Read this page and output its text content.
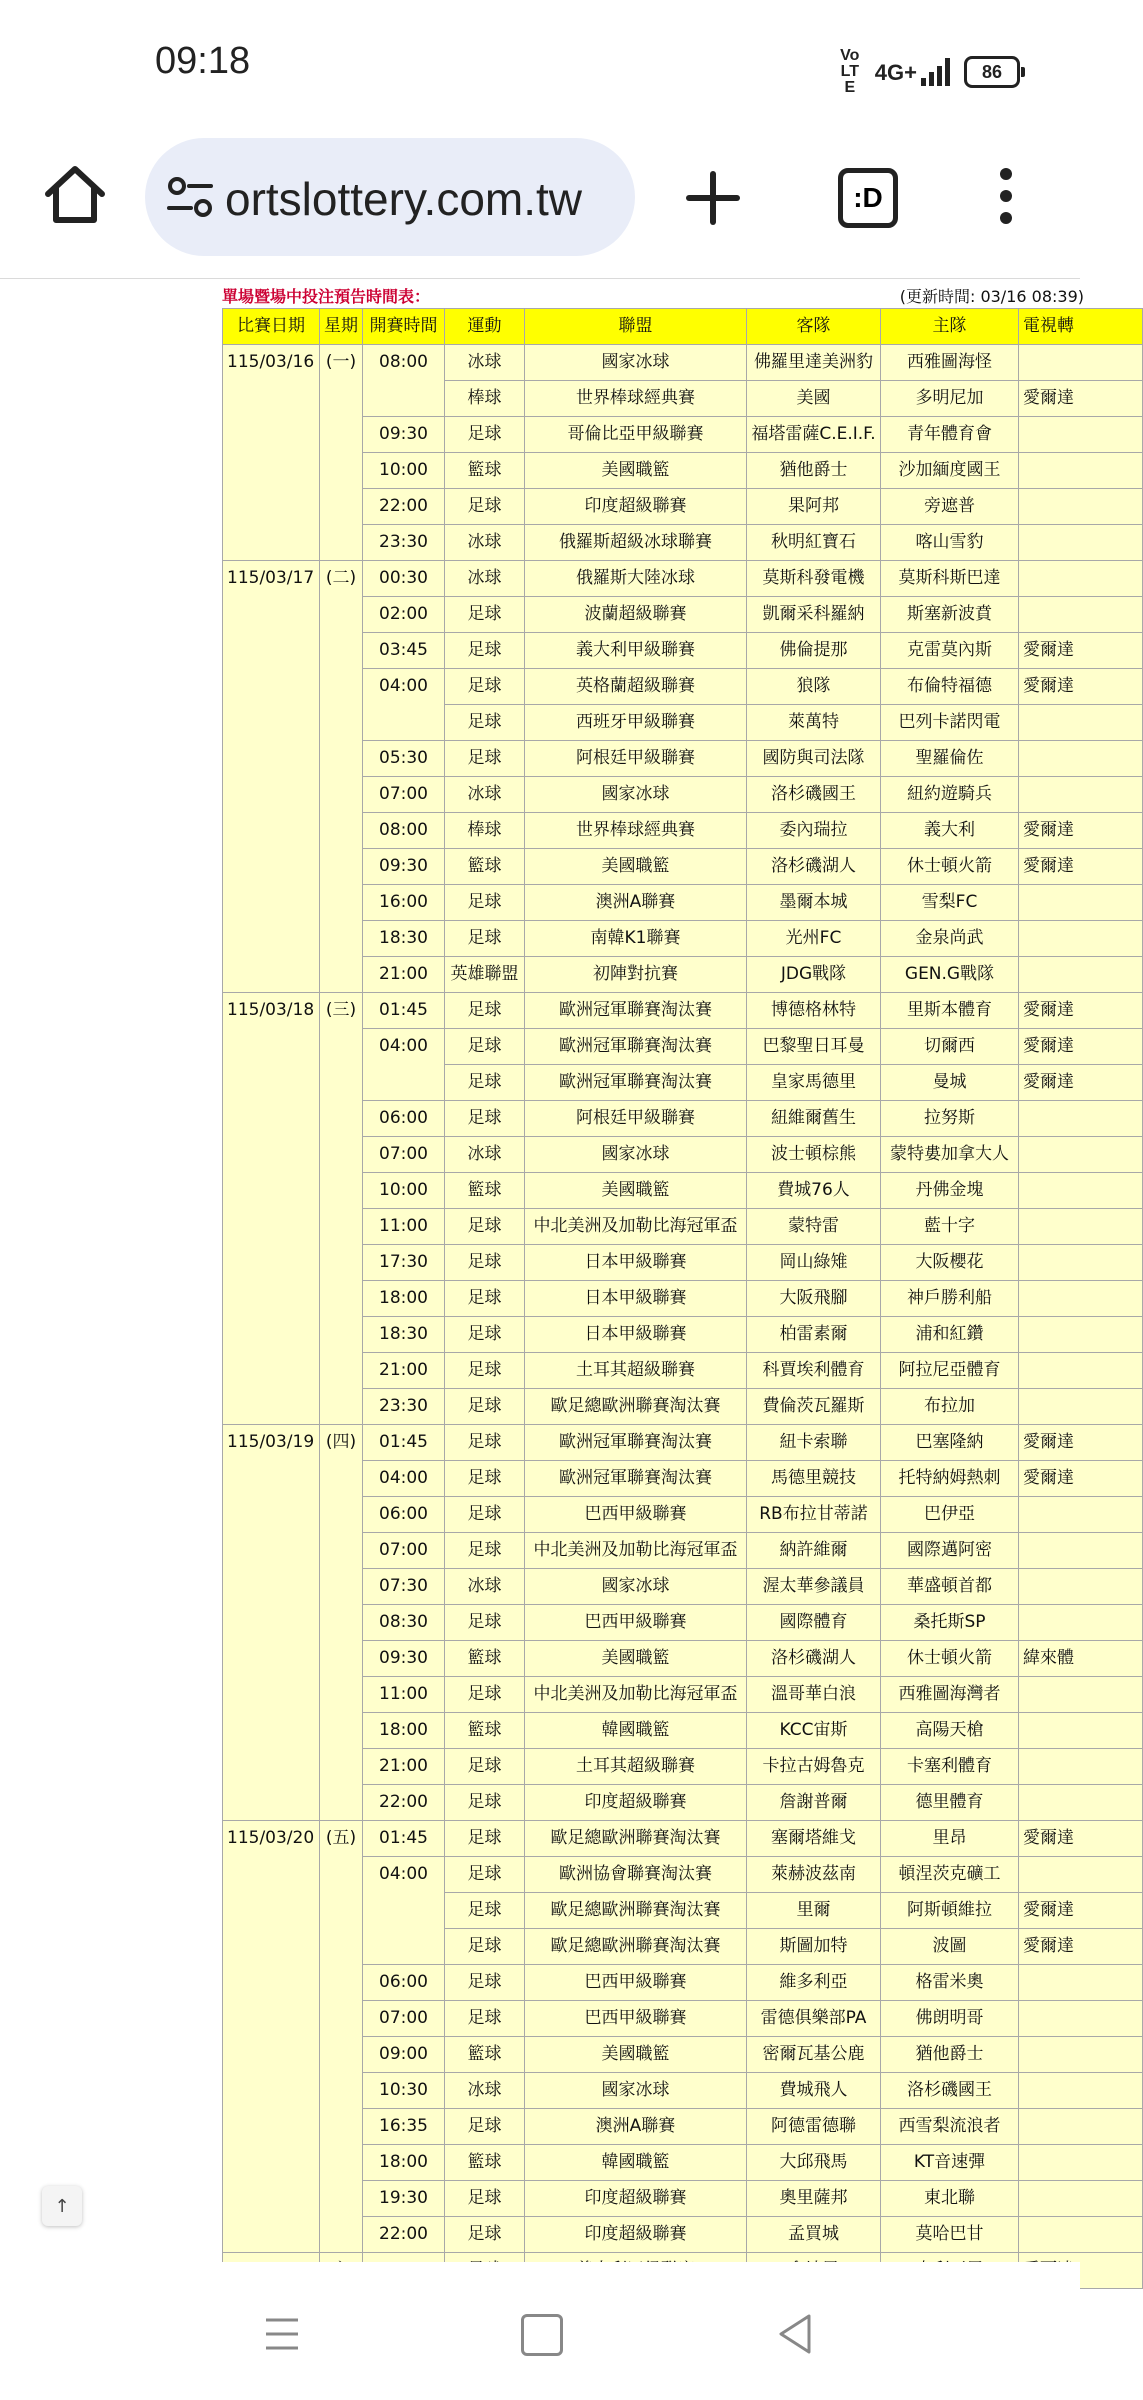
09:18	Vo LTE
4G+	86
ortslottery.com.tw	:D
單場暨場中投注預告時間表：	(更新時間: 03/16 08:39)
比賽日期	星期	開賽時間	運動	聯盟	客隊	主隊	電視轉
115/03/16	(一)	08:00	冰球	國家冰球	佛羅里達美洲豹	西雅圖海怪	
			棒球	世界棒球經典賽	美國	多明尼加	愛爾達
		09:30	足球	哥倫比亞甲級聯賽	福塔雷薩C.E.I.F.	青年體育會	
		10:00	籃球	美國職籃	猶他爵士	沙加緬度國王	
		22:00	足球	印度超級聯賽	果阿邦	旁遮普	
		23:30	冰球	俄羅斯超級冰球聯賽	秋明紅寶石	喀山雪豹	
115/03/17	(二)	00:30	冰球	俄羅斯大陸冰球	莫斯科發電機	莫斯科斯巴達	
		02:00	足球	波蘭超級聯賽	凱爾采科羅納	斯塞新波賁	
		03:45	足球	義大利甲級聯賽	佛倫提那	克雷莫內斯	愛爾達
		04:00	足球	英格蘭超級聯賽	狼隊	布倫特福德	愛爾達
			足球	西班牙甲級聯賽	萊萬特	巴列卡諾閃電	
		05:30	足球	阿根廷甲級聯賽	國防與司法隊	聖羅倫佐	
		07:00	冰球	國家冰球	洛杉磯國王	紐約遊騎兵	
		08:00	棒球	世界棒球經典賽	委內瑞拉	義大利	愛爾達
		09:30	籃球	美國職籃	洛杉磯湖人	休士頓火箭	愛爾達
		16:00	足球	澳洲A聯賽	墨爾本城	雪梨FC	
		18:30	足球	南韓K1聯賽	光州FC	金泉尚武	
		21:00	英雄聯盟	初陣對抗賽	JDG戰隊	GEN.G戰隊	
115/03/18	(三)	01:45	足球	歐洲冠軍聯賽淘汰賽	博德格林特	里斯本體育	愛爾達
		04:00	足球	歐洲冠軍聯賽淘汰賽	巴黎聖日耳曼	切爾西	愛爾達
			足球	歐洲冠軍聯賽淘汰賽	皇家馬德里	曼城	愛爾達
		06:00	足球	阿根廷甲級聯賽	紐維爾舊生	拉努斯	
		07:00	冰球	國家冰球	波士頓棕熊	蒙特婁加拿大人	
		10:00	籃球	美國職籃	費城76人	丹佛金塊	
		11:00	足球	中北美洲及加勒比海冠軍盃	蒙特雷	藍十字	
		17:30	足球	日本甲級聯賽	岡山綠雉	大阪櫻花	
		18:00	足球	日本甲級聯賽	大阪飛腳	神戶勝利船	
		18:30	足球	日本甲級聯賽	柏雷素爾	浦和紅鑽	
		21:00	足球	土耳其超級聯賽	科賈埃利體育	阿拉尼亞體育	
		23:30	足球	歐足總歐洲聯賽淘汰賽	費倫茨瓦羅斯	布拉加	
115/03/19	(四)	01:45	足球	歐洲冠軍聯賽淘汰賽	紐卡索聯	巴塞隆納	愛爾達
		04:00	足球	歐洲冠軍聯賽淘汰賽	馬德里競技	托特納姆熱刺	愛爾達
		06:00	足球	巴西甲級聯賽	RB布拉甘蒂諾	巴伊亞	
		07:00	足球	中北美洲及加勒比海冠軍盃	納許維爾	國際邁阿密	
		07:30	冰球	國家冰球	渥太華參議員	華盛頓首都	
		08:30	足球	巴西甲級聯賽	國際體育	桑托斯SP	
		09:30	籃球	美國職籃	洛杉磯湖人	休士頓火箭	緯來體
		11:00	足球	中北美洲及加勒比海冠軍盃	溫哥華白浪	西雅圖海灣者	
		18:00	籃球	韓國職籃	KCC宙斯	高陽天槍	
		21:00	足球	土耳其超級聯賽	卡拉古姆魯克	卡塞利體育	
		22:00	足球	印度超級聯賽	詹謝普爾	德里體育	
115/03/20	(五)	01:45	足球	歐足總歐洲聯賽淘汰賽	塞爾塔維戈	里昂	愛爾達
		04:00	足球	歐洲協會聯賽淘汰賽	萊赫波茲南	頓涅茨克礦工	
			足球	歐足總歐洲聯賽淘汰賽	里爾	阿斯頓維拉	愛爾達
			足球	歐足總歐洲聯賽淘汰賽	斯圖加特	波圖	愛爾達
		06:00	足球	巴西甲級聯賽	維多利亞	格雷米奧	
		07:00	足球	巴西甲級聯賽	雷德俱樂部PA	佛朗明哥	
		09:00	籃球	美國職籃	密爾瓦基公鹿	猶他爵士	
		10:30	冰球	國家冰球	費城飛人	洛杉磯國王	
		16:35	足球	澳洲A聯賽	阿德雷德聯	西雪梨流浪者	
		18:00	籃球	韓國職籃	大邱飛馬	KT音速彈	
		19:30	足球	印度超級聯賽	奧里薩邦	東北聯	
		22:00	足球	印度超級聯賽	孟買城	莫哈巴甘	

↑
